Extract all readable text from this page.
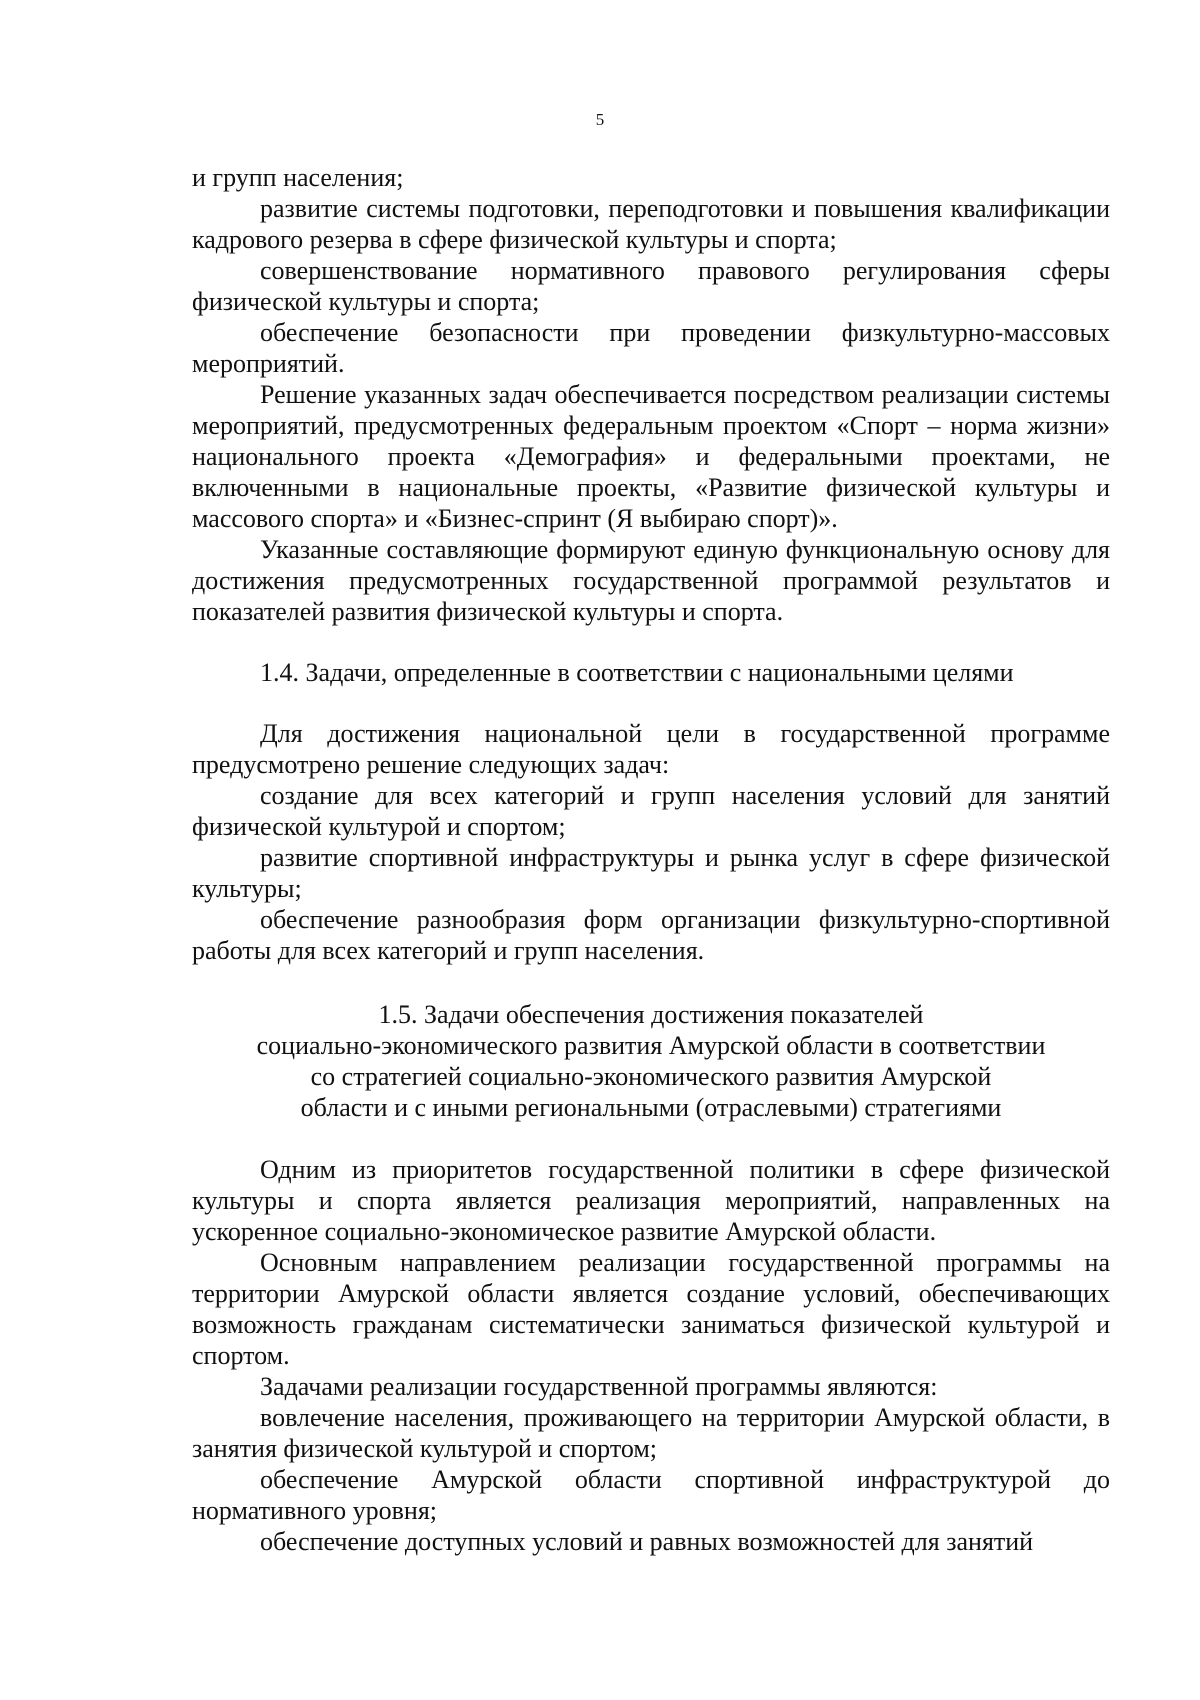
5

и групп населения;

развитие системы подготовки, переподготовки и повышения квалификации кадрового резерва в сфере физической культуры и спорта;

совершенствование нормативного правового регулирования сферы физической культуры и спорта;

обеспечение безопасности при проведении физкультурно-массовых мероприятий.

Решение указанных задач обеспечивается посредством реализации системы мероприятий, предусмотренных федеральным проектом «Спорт – норма жизни» национального проекта «Демография» и федеральными проектами, не включенными в национальные проекты, «Развитие физической культуры и массового спорта» и «Бизнес-спринт (Я выбираю спорт)».

Указанные составляющие формируют единую функциональную основу для достижения предусмотренных государственной программой результатов и показателей развития физической культуры и спорта.

1.4. Задачи, определенные в соответствии с национальными целями

Для достижения национальной цели в государственной программе предусмотрено решение следующих задач:

создание для всех категорий и групп населения условий для занятий физической культурой и спортом;

развитие спортивной инфраструктуры и рынка услуг в сфере физической культуры;

обеспечение разнообразия форм организации физкультурно-спортивной работы для всех категорий и групп населения.

1.5. Задачи обеспечения достижения показателей
социально-экономического развития Амурской области в соответствии
со стратегией социально-экономического развития Амурской
области и с иными региональными (отраслевыми) стратегиями

Одним из приоритетов государственной политики в сфере физической культуры и спорта является реализация мероприятий, направленных на ускоренное социально-экономическое развитие Амурской области.

Основным направлением реализации государственной программы на территории Амурской области является создание условий, обеспечивающих возможность гражданам систематически заниматься физической культурой и спортом.

Задачами реализации государственной программы являются:

вовлечение населения, проживающего на территории Амурской области, в занятия физической культурой и спортом;

обеспечение Амурской области спортивной инфраструктурой до нормативного уровня;

обеспечение доступных условий и равных возможностей для занятий
